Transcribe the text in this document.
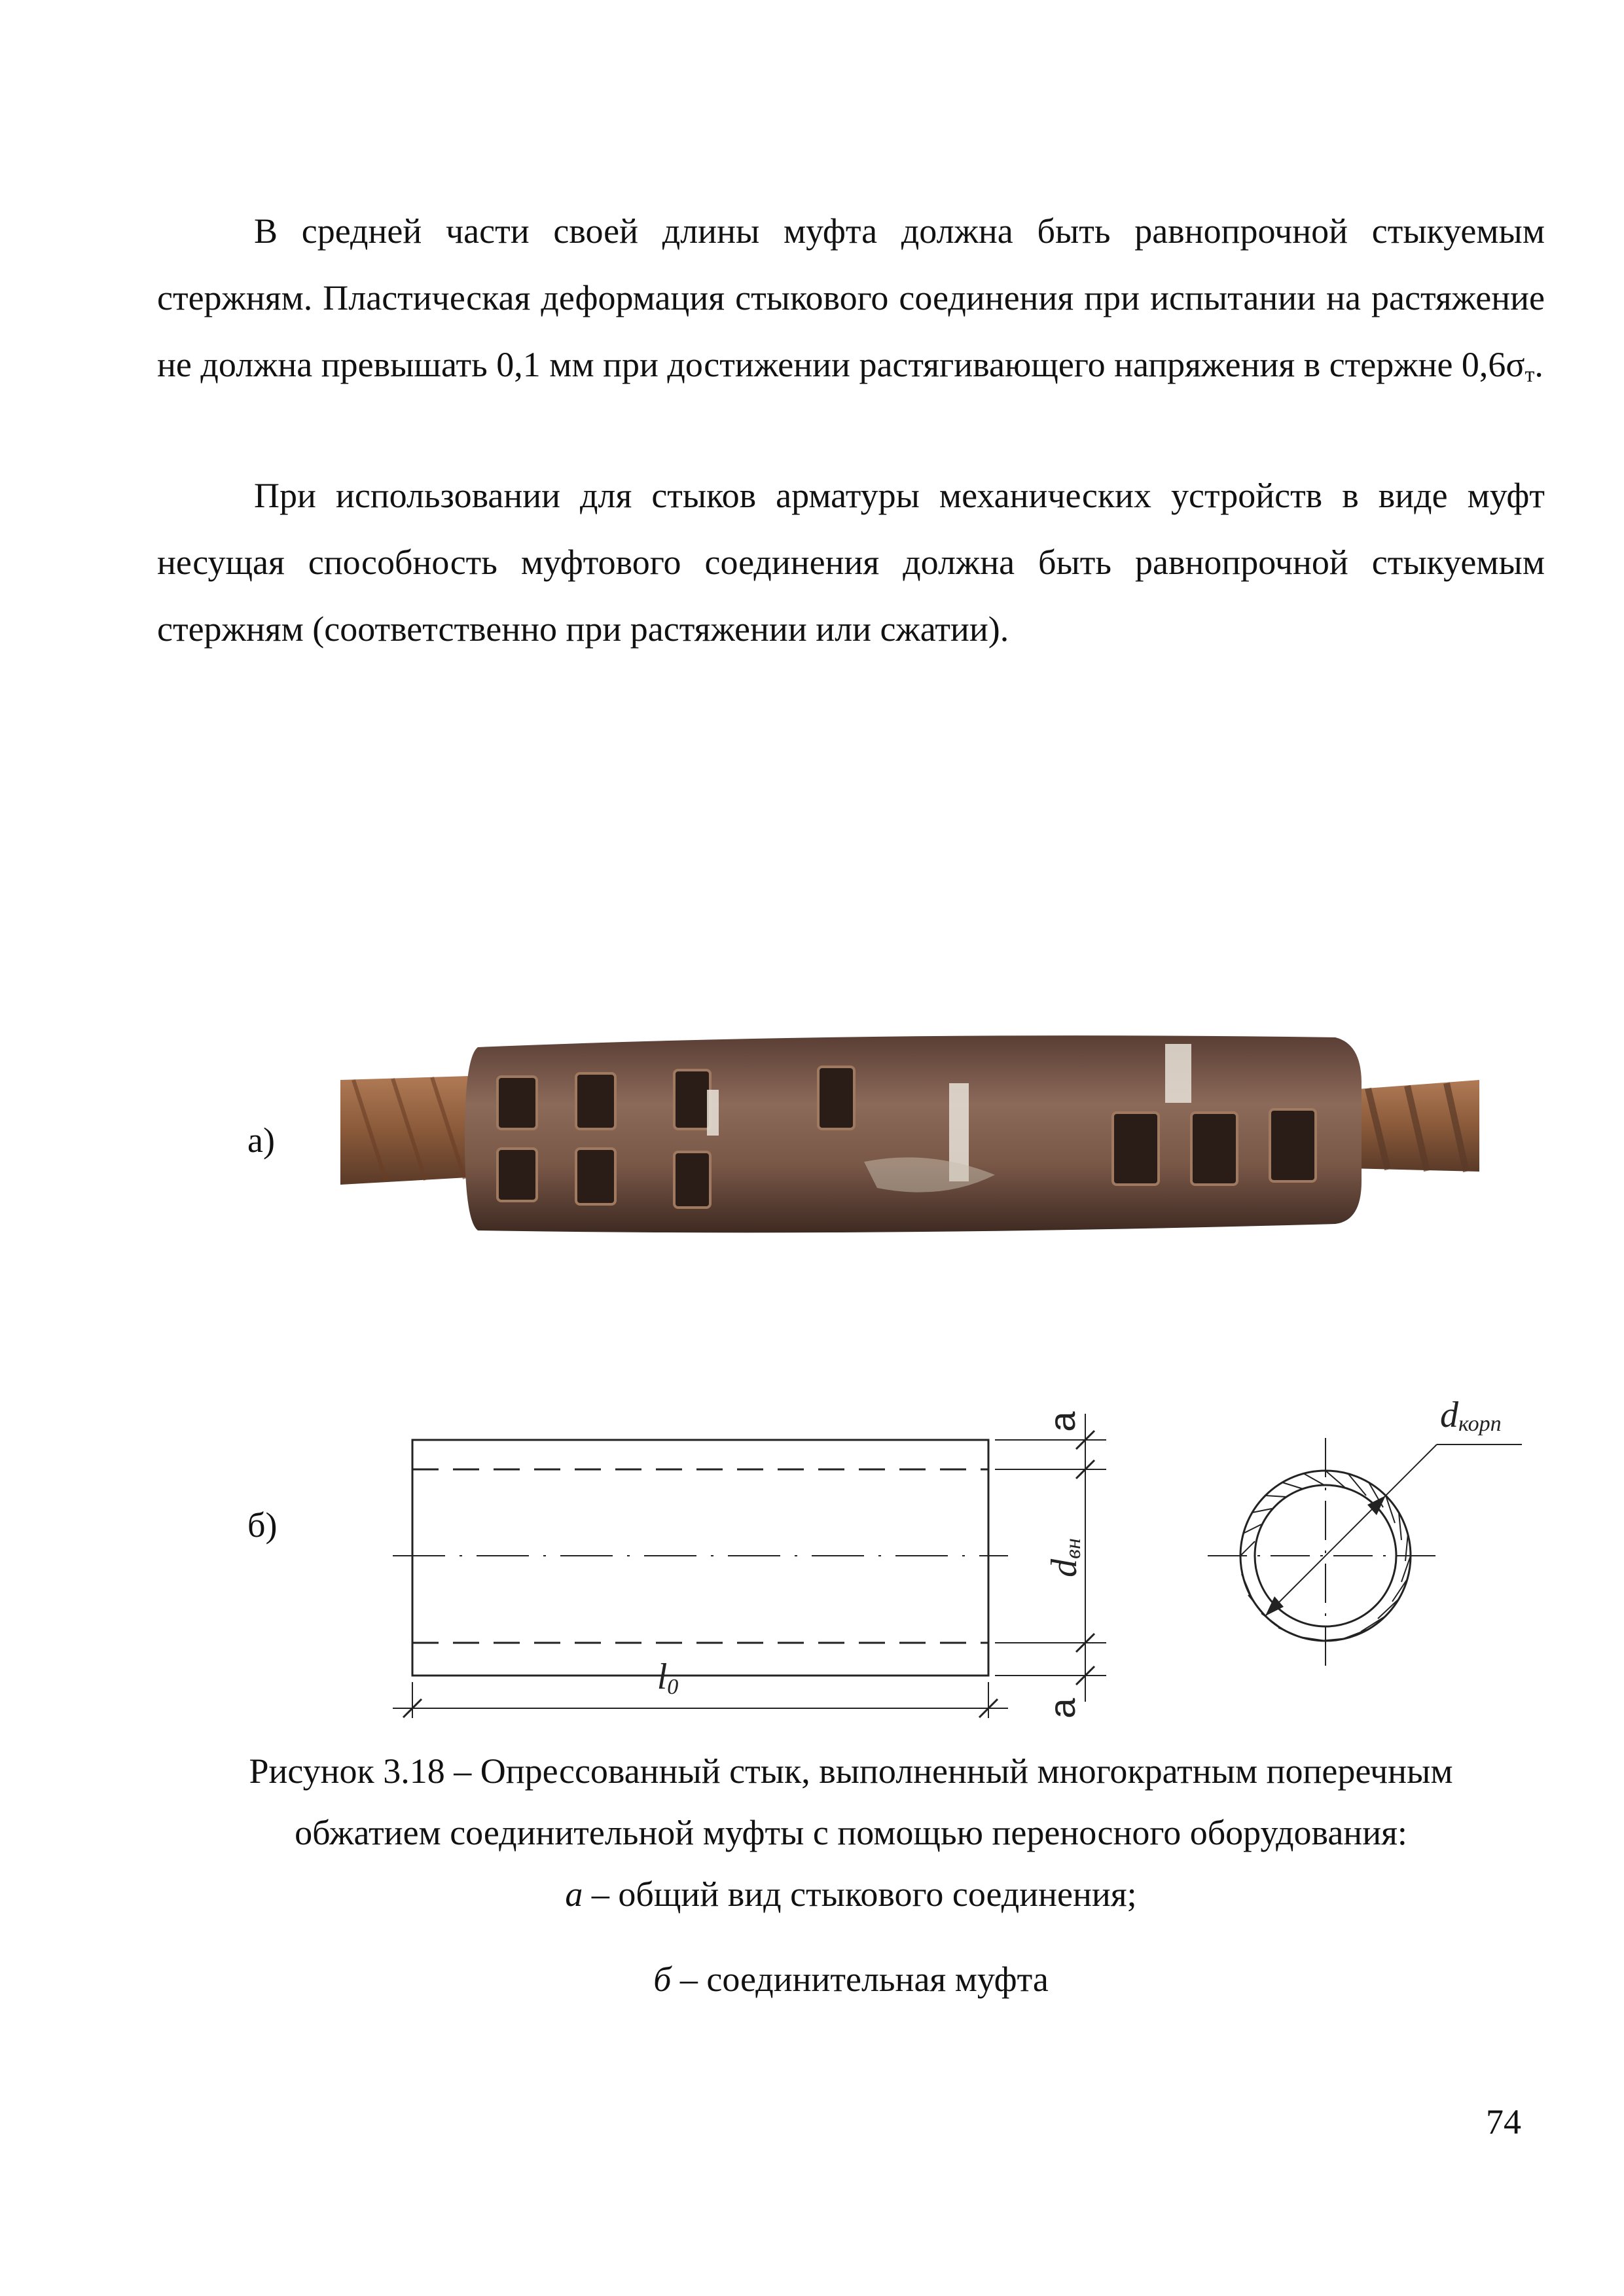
В средней части своей длины муфта должна быть равнопрочной стыкуемым стержням. Пластическая деформация стыкового соединения при испытании на растяжение не должна превышать 0,1 мм при достижении растягивающего напряжения в стержне $0,6\sigma_т$.

При использовании для стыков арматуры механических устройств в виде муфт несущая способность муфтового соединения должна быть равнопрочной стыкуемым стержням (соответственно при растяжении или сжатии).

а)
б)
а
а
dвн
l0
dкорп

Рисунок 3.18 – Опрессованный стык, выполненный многократным поперечным

обжатием соединительной муфты с помощью переносного оборудования:

а – общий вид стыкового соединения;

б – соединительная муфта

74
